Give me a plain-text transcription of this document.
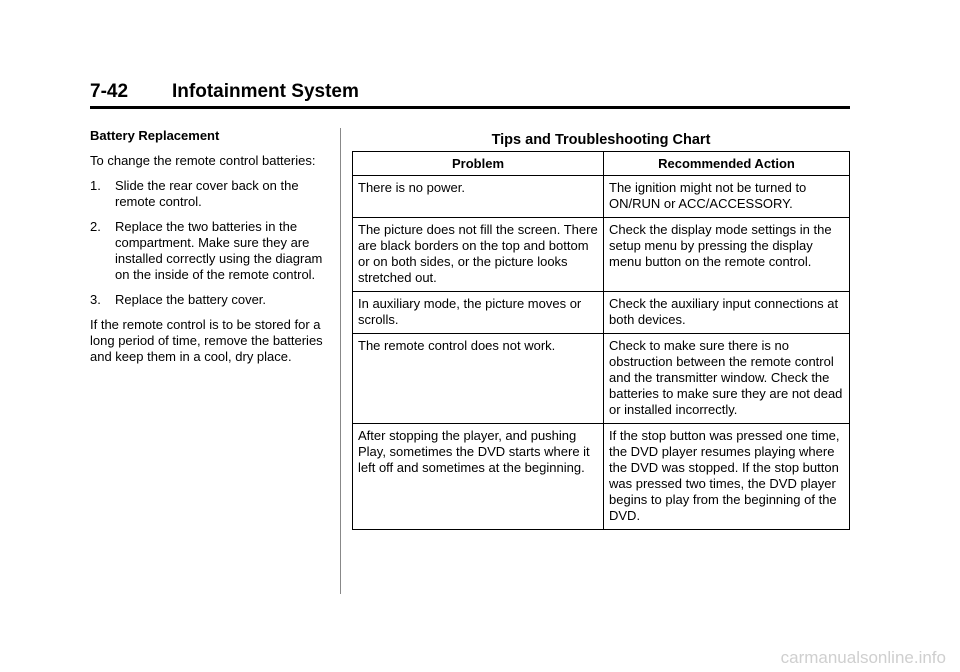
7-42 Infotainment System
Battery Replacement

To change the remote control batteries:

1. Slide the rear cover back on the remote control.
2. Replace the two batteries in the compartment. Make sure they are installed correctly using the diagram on the inside of the remote control.
3. Replace the battery cover.

If the remote control is to be stored for a long period of time, remove the batteries and keep them in a cool, dry place.

Tips and Troubleshooting Chart
Problem	Recommended Action
There is no power.	The ignition might not be turned to ON/RUN or ACC/ACCESSORY.
The picture does not fill the screen. There are black borders on the top and bottom or on both sides, or the picture looks stretched out.	Check the display mode settings in the setup menu by pressing the display menu button on the remote control.
In auxiliary mode, the picture moves or scrolls.	Check the auxiliary input connections at both devices.
The remote control does not work.	Check to make sure there is no obstruction between the remote control and the transmitter window. Check the batteries to make sure they are not dead or installed incorrectly.
After stopping the player, and pushing Play, sometimes the DVD starts where it left off and sometimes at the beginning.	If the stop button was pressed one time, the DVD player resumes playing where the DVD was stopped. If the stop button was pressed two times, the DVD player begins to play from the beginning of the DVD.
carmanualsonline.info
